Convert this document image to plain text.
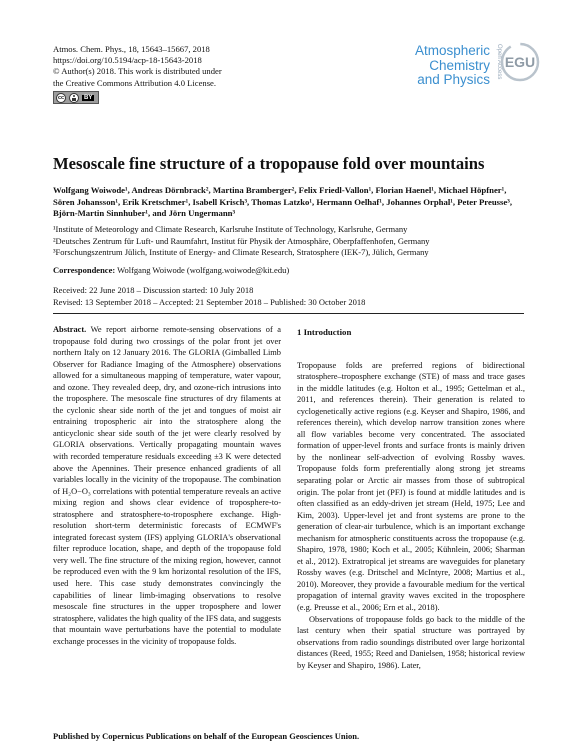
Atmos. Chem. Phys., 18, 15643–15667, 2018
https://doi.org/10.5194/acp-18-15643-2018
© Author(s) 2018. This work is distributed under
the Creative Commons Attribution 4.0 License.
cc	BY
Atmospheric
Chemistry
and Physics
Open Access EGU
Mesoscale fine structure of a tropopause fold over mountains
Wolfgang Woiwode¹, Andreas Dörnbrack², Martina Bramberger², Felix Friedl-Vallon¹, Florian Haenel¹, Michael Höpfner¹, Sören Johansson¹, Erik Kretschmer¹, Isabell Krisch³, Thomas Latzko¹, Hermann Oelhaf¹, Johannes Orphal¹, Peter Preusse³, Björn-Martin Sinnhuber¹, and Jörn Ungermann³
¹Institute of Meteorology and Climate Research, Karlsruhe Institute of Technology, Karlsruhe, Germany
²Deutsches Zentrum für Luft- und Raumfahrt, Institut für Physik der Atmosphäre, Oberpfaffenhofen, Germany
³Forschungszentrum Jülich, Institute of Energy- and Climate Research, Stratosphere (IEK-7), Jülich, Germany
Correspondence: Wolfgang Woiwode (wolfgang.woiwode@kit.edu)
Received: 22 June 2018 – Discussion started: 10 July 2018
Revised: 13 September 2018 – Accepted: 21 September 2018 – Published: 30 October 2018
Abstract. We report airborne remote-sensing observations of a tropopause fold during two crossings of the polar front jet over northern Italy on 12 January 2016. The GLORIA (Gimballed Limb Observer for Radiance Imaging of the Atmosphere) observations allowed for a simultaneous mapping of temperature, water vapour, and ozone. They revealed deep, dry, and ozone-rich intrusions into the troposphere. The mesoscale fine structures of dry filaments at the cyclonic shear side north of the jet and tongues of moist air entraining tropospheric air into the stratosphere along the anticyclonic shear side south of the jet were clearly resolved by GLORIA observations. Vertically propagating mountain waves with recorded temperature residuals exceeding ±3 K were detected above the Apennines. Their presence enhanced gradients of all variables locally in the vicinity of the tropopause. The combination of H₂O−O₃ correlations with potential temperature reveals an active mixing region and shows clear evidence of troposphere-to-stratosphere and stratosphere-to-troposphere exchange. High-resolution short-term deterministic forecasts of ECMWF's integrated forecast system (IFS) applying GLORIA's observational filter reproduce location, shape, and depth of the tropopause fold very well. The fine structure of the mixing region, however, cannot be reproduced even with the 9 km horizontal resolution of the IFS, used here. This case study demonstrates convincingly the capabilities of linear limb-imaging observations to resolve mesoscale fine structures in the upper troposphere and lower stratosphere, validates the high quality of the IFS data, and suggests that mountain wave perturbations have the potential to modulate exchange processes in the vicinity of tropopause folds.
1 Introduction
Tropopause folds are preferred regions of bidirectional stratosphere–troposphere exchange (STE) of mass and trace gases in the middle latitudes (e.g. Holton et al., 1995; Gettelman et al., 2011, and references therein). Their generation is related to cyclogenetically active regions (e.g. Keyser and Shapiro, 1986, and references therein), which develop narrow transition zones where all flow variables become very concentrated. The associated formation of upper-level fronts and surface fronts is mainly driven by the nonlinear self-advection of evolving Rossby waves. Tropopause folds form preferentially along strong jet streams separating polar or Arctic air masses from those of subtropical origin. The polar front jet (PFJ) is found at middle latitudes and is often classified as an eddy-driven jet stream (Held, 1975; Lee and Kim, 2003). Upper-level jet and front systems are prone to the generation of clear-air turbulence, which is an important exchange mechanism for atmospheric constituents across the tropopause (e.g. Shapiro, 1978, 1980; Koch et al., 2005; Kühnlein, 2006; Sharman et al., 2012). Extratropical jet streams are waveguides for planetary Rossby waves (e.g. Dritschel and McIntyre, 2008; Martius et al., 2010). Moreover, they provide a favourable medium for the vertical propagation of internal gravity waves excited in the troposphere (e.g. Preusse et al., 2006; Ern et al., 2018).
Observations of tropopause folds go back to the middle of the last century when their spatial structure was portrayed by observations from radio soundings distributed over large horizontal distances (Reed, 1955; Reed and Danielsen, 1958; historical review by Keyser and Shapiro, 1986). Later,
Published by Copernicus Publications on behalf of the European Geosciences Union.
